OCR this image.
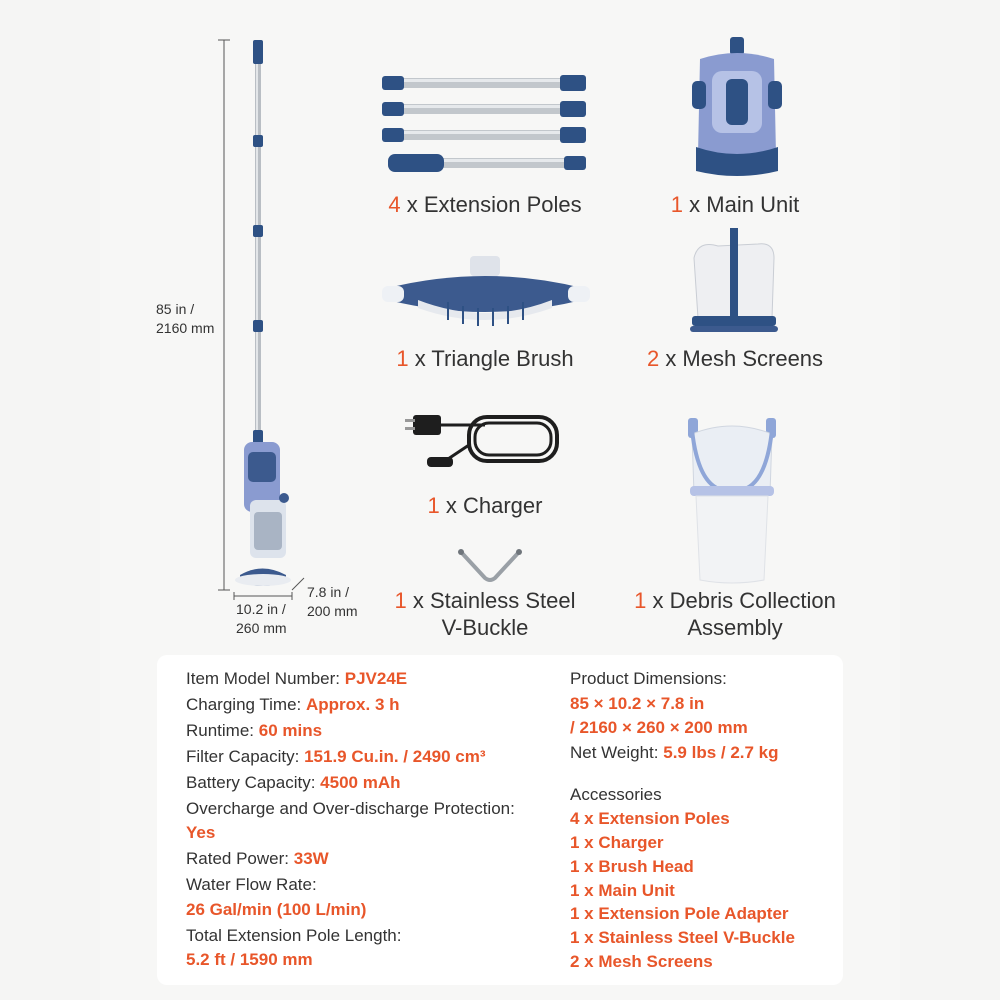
85 in /
2160 mm
10.2 in /
260 mm
7.8 in /
200 mm
4 x Extension Poles	1 x Main Unit
1 x Triangle Brush	2 x Mesh Screens
1 x Charger
1 x Stainless Steel
V-Buckle
1 x Debris Collection
Assembly
Item Model Number: PJV24E
Charging Time: Approx. 3 h
Runtime: 60 mins
Filter Capacity: 151.9 Cu.in. / 2490 cm³
Battery Capacity: 4500 mAh
Overcharge and Over-discharge Protection:
Yes
Rated Power: 33W
Water Flow Rate:
26 Gal/min (100 L/min)
Total Extension Pole Length:
5.2 ft / 1590 mm
Product Dimensions:
85 × 10.2 × 7.8 in
/ 2160 × 260 × 200 mm
Net Weight: 5.9 lbs / 2.7 kg
Accessories
4 x Extension Poles
1 x Charger
1 x Brush Head
1 x Main Unit
1 x Extension Pole Adapter
1 x Stainless Steel V-Buckle
2 x Mesh Screens
